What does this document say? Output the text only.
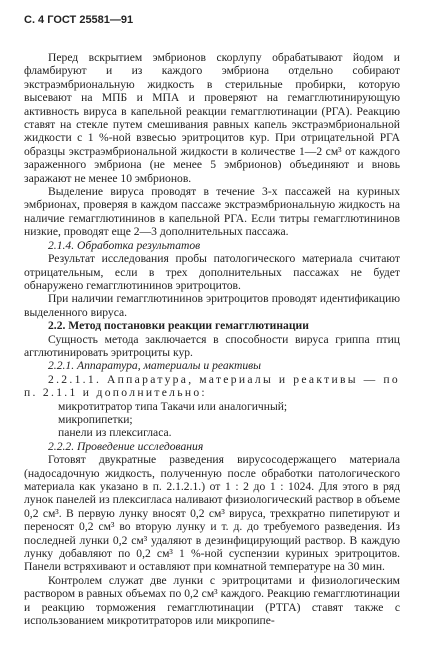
С. 4 ГОСТ 25581—91

Перед вскрытием эмбрионов скорлупу обрабатывают йодом и фламбируют и из каждого эмбриона отдельно собирают экстраэмбриональную жидкость в стерильные пробирки, которую высевают на МПБ и МПА и проверяют на гемагглютинирующую активность вируса в капельной реакции гемагглютинации (РГА). Реакцию ставят на стекле путем смешивания равных капель экстраэмбриональной жидкости с 1 %-ной взвесью эритроцитов кур. При отрицательной РГА образцы экстраэмбриональной жидкости в количестве 1—2 см³ от каждого зараженного эмбриона (не менее 5 эмбрионов) объединяют и вновь заражают не менее 10 эмбрионов.

Выделение вируса проводят в течение 3-х пассажей на куриных эмбрионах, проверяя в каждом пассаже экстраэмбриональную жидкость на наличие гемагглютининов в капельной РГА. Если титры гемагглютининов низкие, проводят еще 2—3 дополнительных пассажа.

2.1.4. Обработка результатов

Результат исследования пробы патологического материала считают отрицательным, если в трех дополнительных пассажах не будет обнаружено гемагглютининов эритроцитов.

При наличии гемагглютининов эритроцитов проводят идентификацию выделенного вируса.

2.2. Метод постановки реакции гемагглютинации

Сущность метода заключается в способности вируса гриппа птиц агглютинировать эритроциты кур.

2.2.1. Аппаратура, материалы и реактивы

2.2.1.1. Аппаратура, материалы и реактивы — по п. 2.1.1 и дополнительно:

микротитратор типа Такачи или аналогичный;

микропипетки;

панели из плексигласа.

2.2.2. Проведение исследования

Готовят двукратные разведения вирусосодержащего материала (надосадочную жидкость, полученную после обработки патологического материала как указано в п. 2.1.2.1.) от 1 : 2 до 1 : 1024. Для этого в ряд лунок панелей из плексигласа наливают физиологический раствор в объеме 0,2 см³. В первую лунку вносят 0,2 см³ вируса, трехкратно пипетируют и переносят 0,2 см³ во вторую лунку и т. д. до требуемого разведения. Из последней лунки 0,2 см³ удаляют в дезинфицирующий раствор. В каждую лунку добавляют по 0,2 см³ 1 %-ной суспензии куриных эритроцитов. Панели встряхивают и оставляют при комнатной температуре на 30 мин.

Контролем служат две лунки с эритроцитами и физиологическим раствором в равных объемах по 0,2 см³ каждого. Реакцию гемагглютинации и реакцию торможения гемагглютинации (РТГА) ставят также с использованием микротитраторов или микропипе-
